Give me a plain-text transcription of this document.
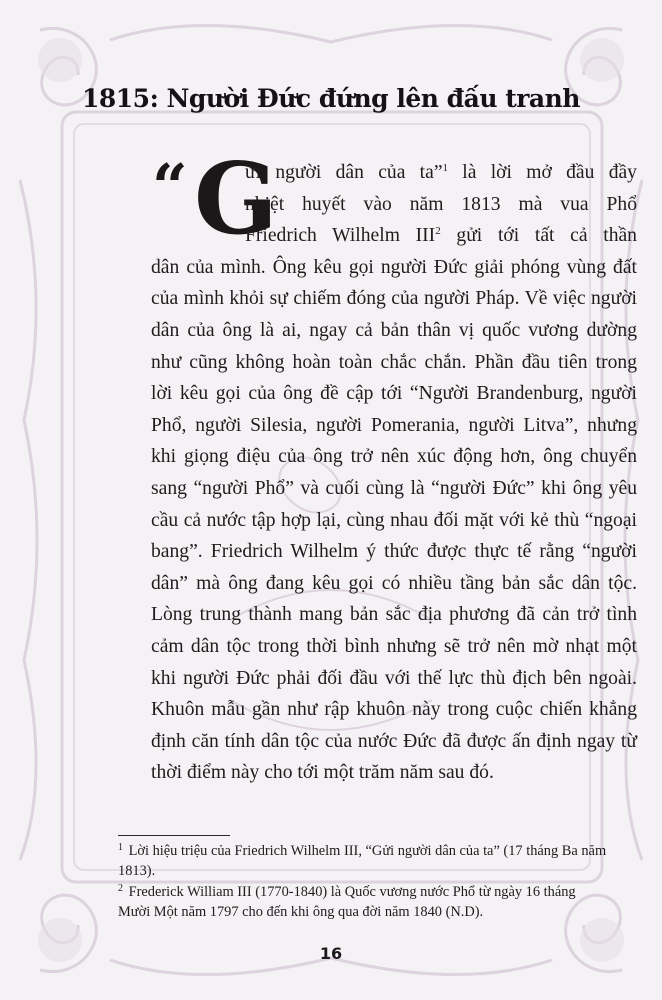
1815: Người Đức đứng lên đấu tranh
“ G
ửi người dân của ta”$^1$ là lời mở đầu đầy
nhiệt huyết vào năm 1813 mà vua Phổ
Friedrich Wilhelm III$^2$ gửi tới tất cả thần
dân của mình. Ông kêu gọi người Đức giải phóng vùng đất
của mình khỏi sự chiếm đóng của người Pháp. Về việc người
dân của ông là ai, ngay cả bản thân vị quốc vương dường
như cũng không hoàn toàn chắc chắn. Phần đầu tiên trong
lời kêu gọi của ông đề cập tới “Người Brandenburg, người
Phổ, người Silesia, người Pomerania, người Litva”, nhưng
khi giọng điệu của ông trở nên xúc động hơn, ông chuyển
sang “người Phổ” và cuối cùng là “người Đức” khi ông yêu
cầu cả nước tập hợp lại, cùng nhau đối mặt với kẻ thù “ngoại
bang”. Friedrich Wilhelm ý thức được thực tế rằng “người
dân” mà ông đang kêu gọi có nhiều tầng bản sắc dân tộc.
Lòng trung thành mang bản sắc địa phương đã cản trở tình
cảm dân tộc trong thời bình nhưng sẽ trở nên mờ nhạt một
khi người Đức phải đối đầu với thế lực thù địch bên ngoài.
Khuôn mẫu gần như rập khuôn này trong cuộc chiến khẳng
định căn tính dân tộc của nước Đức đã được ấn định ngay từ
thời điểm này cho tới một trăm năm sau đó.
$^1$ Lời hiệu triệu của Friedrich Wilhelm III, “Gửi người dân của ta” (17 tháng Ba năm
1813).
$^2$ Frederick William III (1770-1840) là Quốc vương nước Phổ từ ngày 16 tháng
Mười Một năm 1797 cho đến khi ông qua đời năm 1840 (N.D).
16
